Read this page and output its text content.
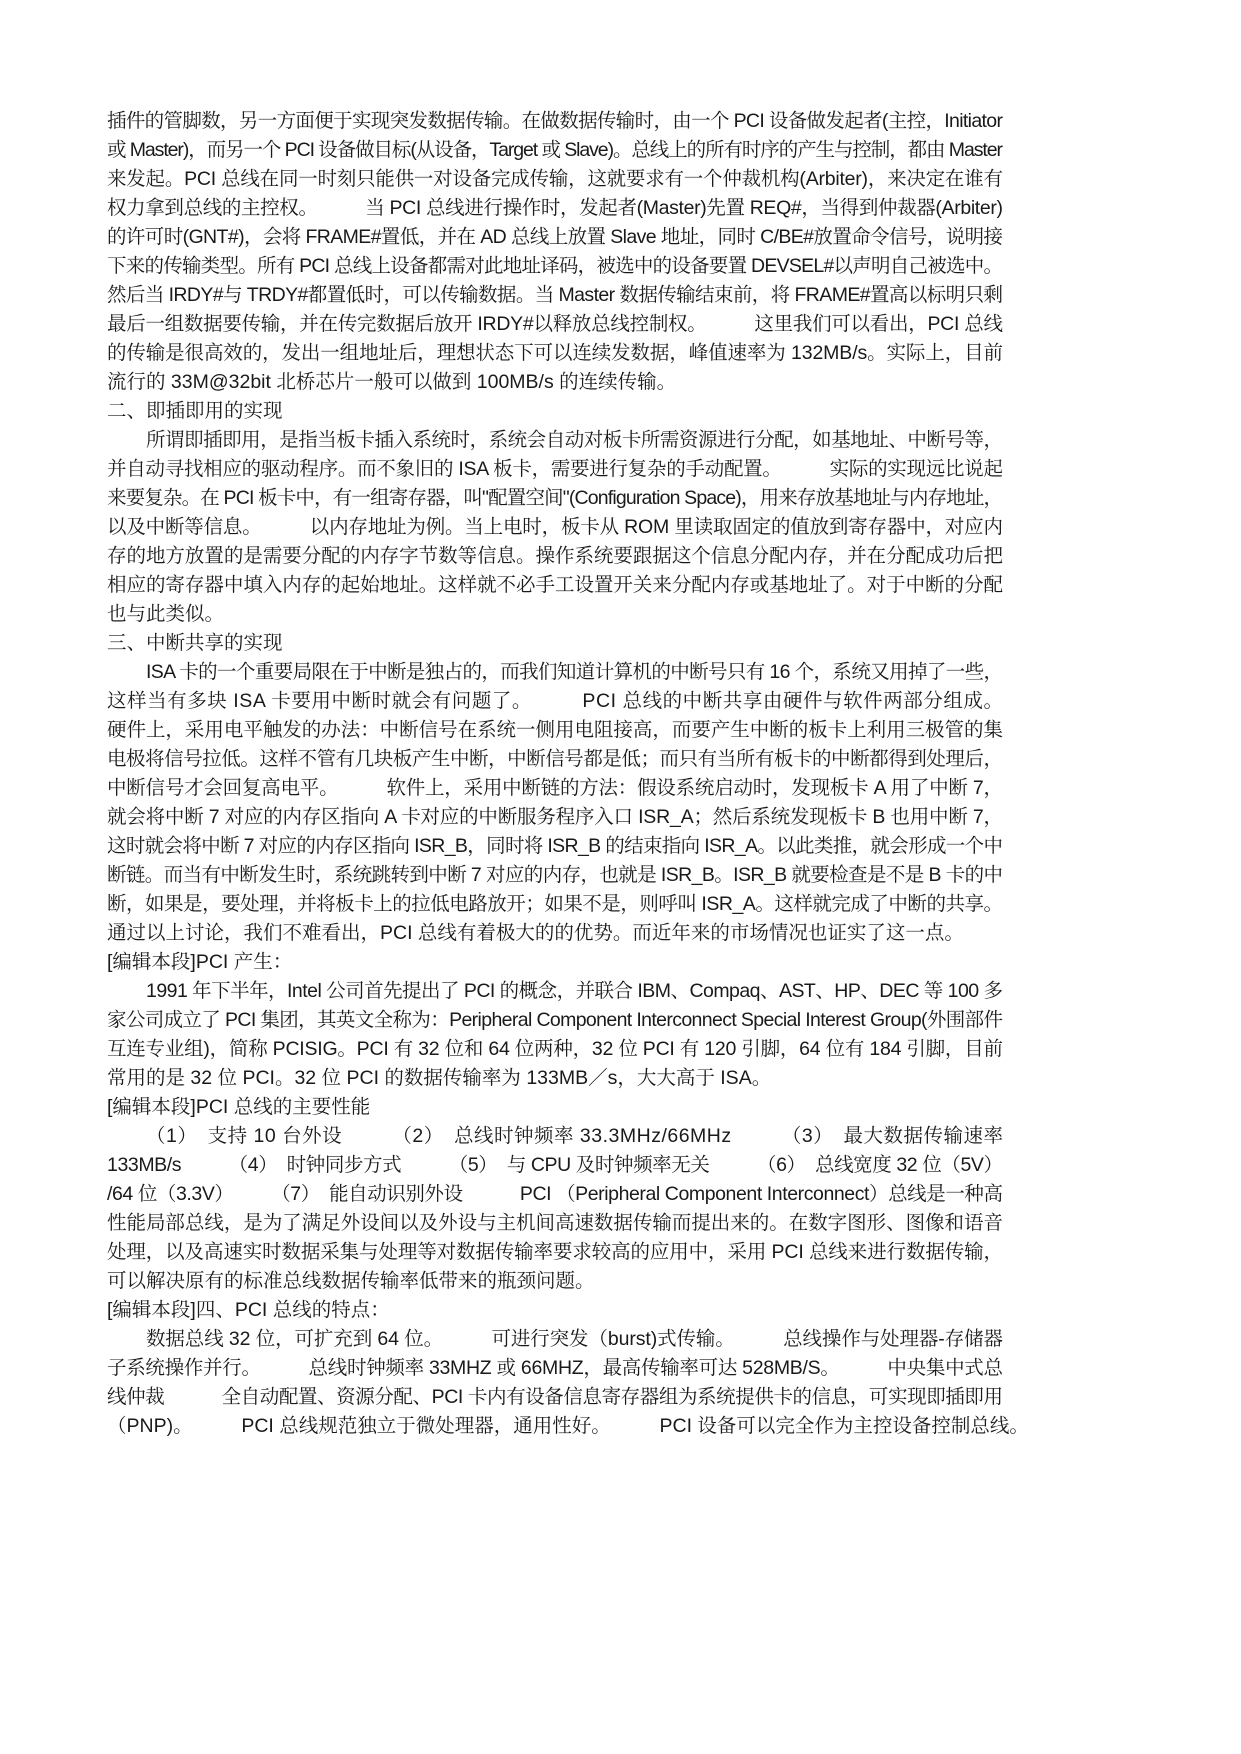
插件的管脚数，另一方面便于实现突发数据传输。在做数据传输时，由一个 PCI 设备做发起者(主控，Initiator
或 Master)，而另一个 PCI 设备做目标(从设备，Target 或 Slave)。总线上的所有时序的产生与控制，都由 Master
来发起。PCI 总线在同一时刻只能供一对设备完成传输，这就要求有一个仲裁机构(Arbiter)，来决定在谁有
权力拿到总线的主控权。　　　当 PCI 总线进行操作时，发起者(Master)先置 REQ#，当得到仲裁器(Arbiter)
的许可时(GNT#)，会将 FRAME#置低，并在 AD 总线上放置 Slave 地址，同时 C/BE#放置命令信号，说明接
下来的传输类型。所有 PCI 总线上设备都需对此地址译码，被选中的设备要置 DEVSEL#以声明自己被选中。
然后当 IRDY#与 TRDY#都置低时，可以传输数据。当 Master 数据传输结束前，将 FRAME#置高以标明只剩
最后一组数据要传输，并在传完数据后放开 IRDY#以释放总线控制权。　　　这里我们可以看出，PCI 总线
的传输是很高效的，发出一组地址后，理想状态下可以连续发数据，峰值速率为 132MB/s。实际上，目前
流行的 33M@32bit 北桥芯片一般可以做到 100MB/s 的连续传输。
二、即插即用的实现
所谓即插即用，是指当板卡插入系统时，系统会自动对板卡所需资源进行分配，如基地址、中断号等，
并自动寻找相应的驱动程序。而不象旧的 ISA 板卡，需要进行复杂的手动配置。　　　实际的实现远比说起
来要复杂。在 PCI 板卡中，有一组寄存器，叫"配置空间"(Configuration Space)，用来存放基地址与内存地址，
以及中断等信息。　　　以内存地址为例。当上电时，板卡从 ROM 里读取固定的值放到寄存器中，对应内
存的地方放置的是需要分配的内存字节数等信息。操作系统要跟据这个信息分配内存，并在分配成功后把
相应的寄存器中填入内存的起始地址。这样就不必手工设置开关来分配内存或基地址了。对于中断的分配
也与此类似。
三、中断共享的实现
ISA 卡的一个重要局限在于中断是独占的，而我们知道计算机的中断号只有 16 个，系统又用掉了一些，
这样当有多块 ISA 卡要用中断时就会有问题了。　　　PCI 总线的中断共享由硬件与软件两部分组成。
硬件上，采用电平触发的办法：中断信号在系统一侧用电阻接高，而要产生中断的板卡上利用三极管的集
电极将信号拉低。这样不管有几块板产生中断，中断信号都是低；而只有当所有板卡的中断都得到处理后，
中断信号才会回复高电平。　　　软件上，采用中断链的方法：假设系统启动时，发现板卡 A 用了中断 7，
就会将中断 7 对应的内存区指向 A 卡对应的中断服务程序入口 ISR_A；然后系统发现板卡 B 也用中断 7，
这时就会将中断 7 对应的内存区指向 ISR_B，同时将 ISR_B 的结束指向 ISR_A。以此类推，就会形成一个中
断链。而当有中断发生时，系统跳转到中断 7 对应的内存，也就是 ISR_B。ISR_B 就要检查是不是 B 卡的中
断，如果是，要处理，并将板卡上的拉低电路放开；如果不是，则呼叫 ISR_A。这样就完成了中断的共享。
通过以上讨论，我们不难看出，PCI 总线有着极大的的优势。而近年来的市场情况也证实了这一点。
[编辑本段]PCI 产生：
1991 年下半年，Intel 公司首先提出了 PCI 的概念，并联合 IBM、Compaq、AST、HP、DEC 等 100 多
家公司成立了 PCI 集团，其英文全称为：Peripheral Component Interconnect Special Interest Group(外围部件
互连专业组)，简称 PCISIG。PCI 有 32 位和 64 位两种，32 位 PCI 有 120 引脚，64 位有 184 引脚，目前
常用的是 32 位 PCI。32 位 PCI 的数据传输率为 133MB／s，大大高于 ISA。
[编辑本段]PCI 总线的主要性能
（1）　支持 10 台外设　　　（2）　总线时钟频率 33.3MHz/66MHz　　　（3）　最大数据传输速率
133MB/s　　　（4）　时钟同步方式　　　（5）　与 CPU 及时钟频率无关　　　（6）　总线宽度 32 位（5V）
/64 位（3.3V）　　　（7）　能自动识别外设　　　PCI （Peripheral Component Interconnect）总线是一种高
性能局部总线，是为了满足外设间以及外设与主机间高速数据传输而提出来的。在数字图形、图像和语音
处理，以及高速实时数据采集与处理等对数据传输率要求较高的应用中，采用 PCI 总线来进行数据传输，
可以解决原有的标准总线数据传输率低带来的瓶颈问题。
[编辑本段]四、PCI 总线的特点：
数据总线 32 位，可扩充到 64 位。　　　可进行突发（burst)式传输。　　　总线操作与处理器-存储器
子系统操作并行。　　　总线时钟频率 33MHZ 或 66MHZ，最高传输率可达 528MB/S。　　　中央集中式总
线仲裁　　　全自动配置、资源分配、PCI 卡内有设备信息寄存器组为系统提供卡的信息，可实现即插即用
（PNP)。　　　PCI 总线规范独立于微处理器，通用性好。　　　PCI 设备可以完全作为主控设备控制总线。
